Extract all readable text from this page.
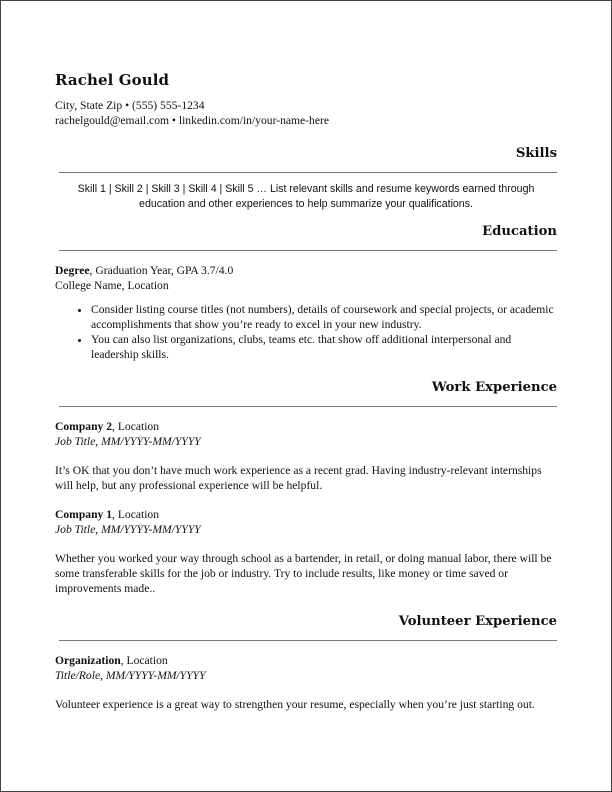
Rachel Gould
City, State Zip • (555) 555-1234
rachelgould@email.com • linkedin.com/in/your-name-here
Skills
Skill 1 | Skill 2 | Skill 3 | Skill 4 | Skill 5 … List relevant skills and resume keywords earned through education and other experiences to help summarize your qualifications.
Education
Degree, Graduation Year, GPA 3.7/4.0
College Name, Location
• Consider listing course titles (not numbers), details of coursework and special projects, or academic accomplishments that show you’re ready to excel in your new industry.
• You can also list organizations, clubs, teams etc. that show off additional interpersonal and leadership skills.
Work Experience
Company 2, Location
Job Title, MM/YYYY-MM/YYYY
It’s OK that you don’t have much work experience as a recent grad. Having industry-relevant internships will help, but any professional experience will be helpful.
Company 1, Location
Job Title, MM/YYYY-MM/YYYY
Whether you worked your way through school as a bartender, in retail, or doing manual labor, there will be some transferable skills for the job or industry. Try to include results, like money or time saved or improvements made..
Volunteer Experience
Organization, Location
Title/Role, MM/YYYY-MM/YYYY
Volunteer experience is a great way to strengthen your resume, especially when you’re just starting out.
